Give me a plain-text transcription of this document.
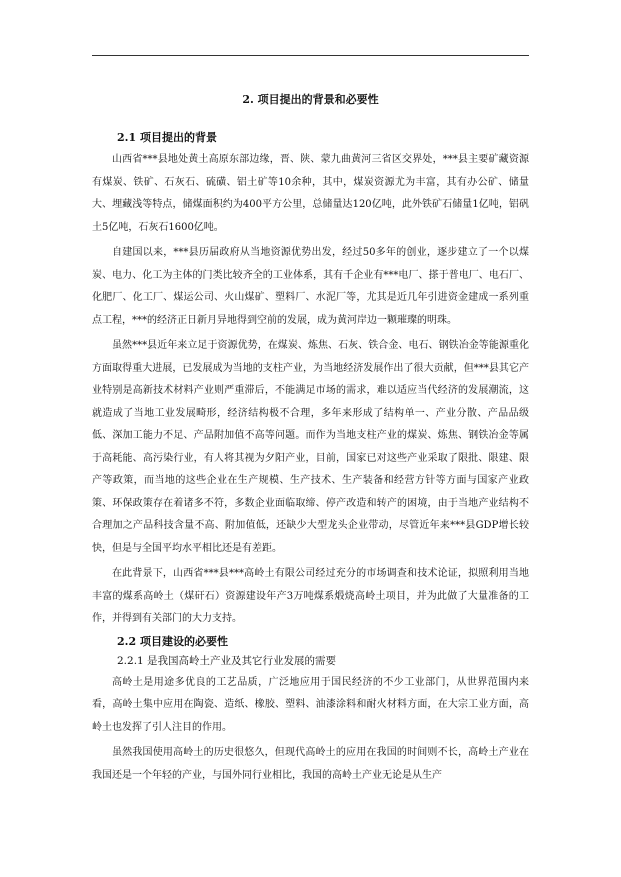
2. 项目提出的背景和必要性
2.1 项目提出的背景

山西省***县地处黄土高原东部边缘，晋、陕、蒙九曲黄河三省区交界处，***县主要矿藏资源有煤炭、铁矿、石灰石、硫磺、铝土矿等10余种，其中，煤炭资源尤为丰富，其有办公矿、储量大、埋藏浅等特点，储煤面积约为400平方公里，总储量达120亿吨，此外铁矿石储量1亿吨，铝矾土5亿吨，石灰石1600亿吨。

自建国以来，***县历届政府从当地资源优势出发，经过50多年的创业，逐步建立了一个以煤炭、电力、化工为主体的门类比较齐全的工业体系，其有千企业有***电厂、搽于普电厂、电石厂、化肥厂、化工厂、煤运公司、火山煤矿、塑料厂、水泥厂等，尤其是近几年引进资金建成一系列重点工程，***的经济正日新月异地得到空前的发展，成为黄河岸边一颗璀璨的明珠。

虽然***县近年来立足于资源优势，在煤炭、炼焦、石灰、铁合金、电石、钢铁冶金等能源重化方面取得重大进展，已发展成为当地的支柱产业，为当地经济发展作出了很大贡献，但***县其它产业特别是高新技术材料产业则严重滞后，不能满足市场的需求，难以适应当代经济的发展潮流，这就造成了当地工业发展畸形，经济结构极不合理，多年来形成了结构单一、产业分散、产品品级低、深加工能力不足、产品附加值不高等问题。而作为当地支柱产业的煤炭、炼焦、钢铁冶金等属于高耗能、高污染行业，有人将其视为夕阳产业，目前，国家已对这些产业采取了限批、限建、限产等政策，而当地的这些企业在生产规模、生产技术、生产装备和经营方针等方面与国家产业政策、环保政策存在着诸多不符，多数企业面临取缔、停产改造和转产的困境，由于当地产业结构不合理加之产品科技含量不高、附加值低，还缺少大型龙头企业带动，尽管近年来***县GDP增长较快，但是与全国平均水平相比还是有差距。

在此背景下，山西省***县***高岭土有限公司经过充分的市场调查和技术论证，拟照利用当地丰富的煤系高岭土（煤矸石）资源建设年产3万吨煤系煅烧高岭土项目，并为此做了大量准备的工作，并得到有关部门的大力支持。

2.2 项目建设的必要性
2.2.1 是我国高岭土产业及其它行业发展的需要

高岭土是用途多优良的工艺品质，广泛地应用于国民经济的不少工业部门，从世界范围内来看，高岭土集中应用在陶瓷、造纸、橡胶、塑料、油漆涂料和耐火材料方面，在大宗工业方面，高岭土也发挥了引人注目的作用。

虽然我国使用高岭土的历史很悠久，但现代高岭土的应用在我国的时间则不长，高岭土产业在我国还是一个年轻的产业，与国外同行业相比，我国的高岭土产业无论是从生产
